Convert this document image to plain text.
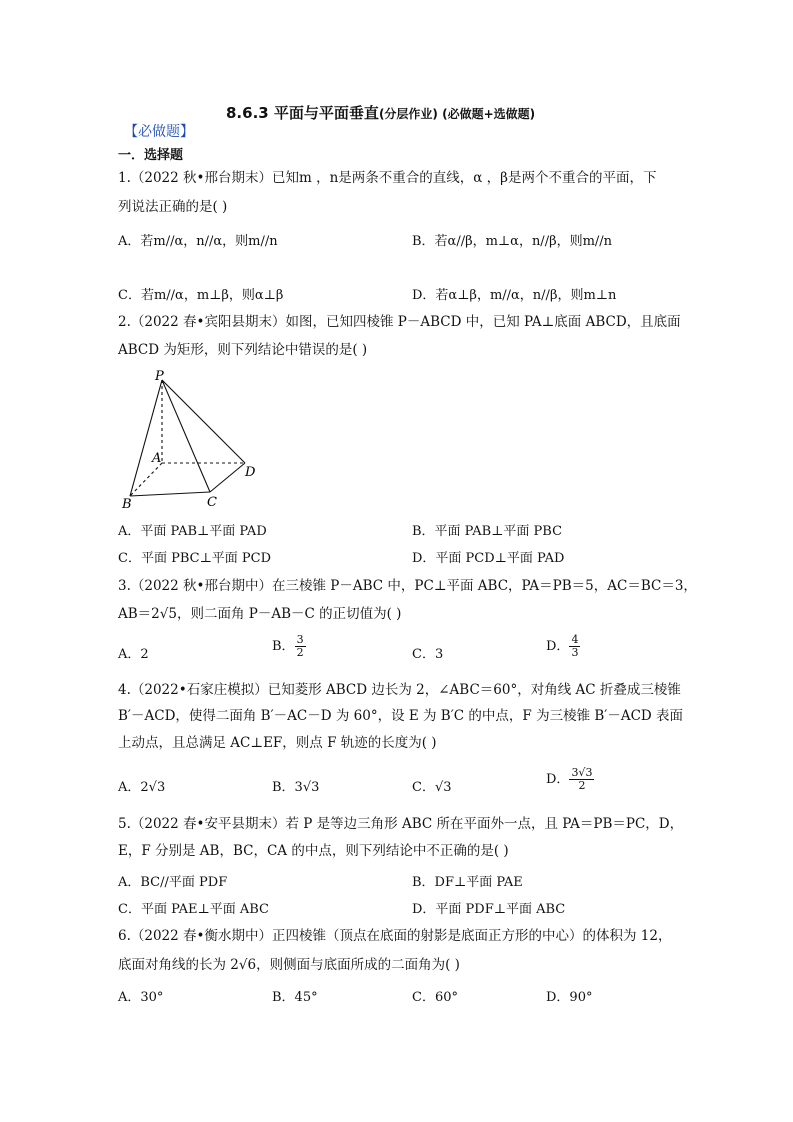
8.6.3 平面与平面垂直(分层作业) (必做题+选做题)
【必做题】
一．选择题
1.（2022 秋•邢台期末）已知m ，n是两条不重合的直线，α ，β是两个不重合的平面，下
列说法正确的是( )
A．若m//α，n//α，则m//n	B．若α//β，m⊥α，n//β，则m//n
C．若m//α，m⊥β，则α⊥β	D．若α⊥β，m//α，n//β，则m⊥n
2.（2022 春•宾阳县期末）如图，已知四棱锥 P－ABCD 中，已知 PA⊥底面 ABCD，且底面
ABCD 为矩形，则下列结论中错误的是( )
P
A
B	C
D
A．平面 PAB⊥平面 PAD	B．平面 PAB⊥平面 PBC
C．平面 PBC⊥平面 PCD	D．平面 PCD⊥平面 PAD
3.（2022 秋•邢台期中）在三棱锥 P－ABC 中，PC⊥平面 ABC，PA＝PB＝5，AC＝BC＝3，
AB＝2√5，则二面角 P－AB－C 的正切值为( )
A．2
B． $\frac{3}{2}$	C．3
D． $\frac{4}{3}$
4.（2022•石家庄模拟）已知菱形 ABCD 边长为 2，∠ABC＝60°，对角线 AC 折叠成三棱锥
B′－ACD，使得二面角 B′－AC－D 为 60°，设 E 为 B′C 的中点，F 为三棱锥 B′－ACD 表面
上动点，且总满足 AC⊥EF，则点 F 轨迹的长度为( )
A．2√3	B．3√3	C．√3
D． $\frac{3√3}{2}$
5.（2022 春•安平县期末）若 P 是等边三角形 ABC 所在平面外一点，且 PA＝PB＝PC，D，
E，F 分别是 AB，BC，CA 的中点，则下列结论中不正确的是( )
A．BC//平面 PDF	B．DF⊥平面 PAE
C．平面 PAE⊥平面 ABC	D．平面 PDF⊥平面 ABC
6.（2022 春•衡水期中）正四棱锥（顶点在底面的射影是底面正方形的中心）的体积为 12，
底面对角线的长为 2√6，则侧面与底面所成的二面角为( )
A．30°	B．45°	C．60°	D．90°
